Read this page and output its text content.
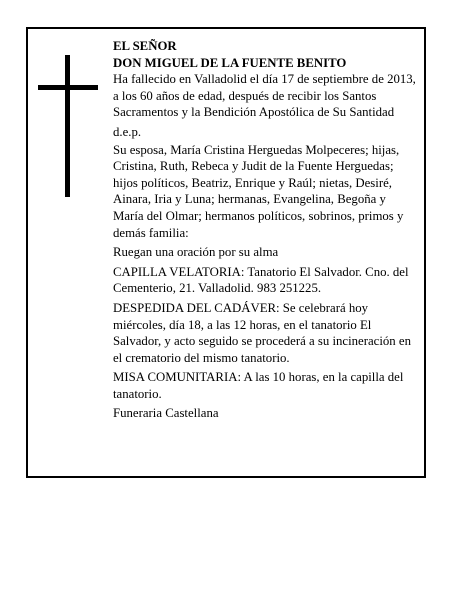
EL SEÑOR

DON MIGUEL DE LA FUENTE BENITO

Ha fallecido en Valladolid el día 17 de septiembre de 2013, a los 60 años de edad, después de recibir los Santos Sacramentos y la Bendición Apostólica de Su Santidad

d.e.p.

Su esposa, María Cristina Herguedas Molpeceres; hijas, Cristina, Ruth, Rebeca y Judit de la Fuente Herguedas; hijos políticos, Beatriz, Enrique y Raúl; nietas, Desiré, Ainara, Iria y Luna; hermanas, Evangelina, Begoña y María del Olmar; hermanos políticos, sobrinos, primos y demás familia:

Ruegan una oración por su alma

CAPILLA VELATORIA: Tanatorio El Salvador. Cno. del Cementerio, 21. Valladolid. 983 251225.

DESPEDIDA DEL CADÁVER: Se celebrará hoy miércoles, día 18, a las 12 horas, en el tanatorio El Salvador, y acto seguido se procederá a su incineración en el crematorio del mismo tanatorio.

MISA COMUNITARIA: A las 10 horas, en la capilla del tanatorio.

Funeraria Castellana
